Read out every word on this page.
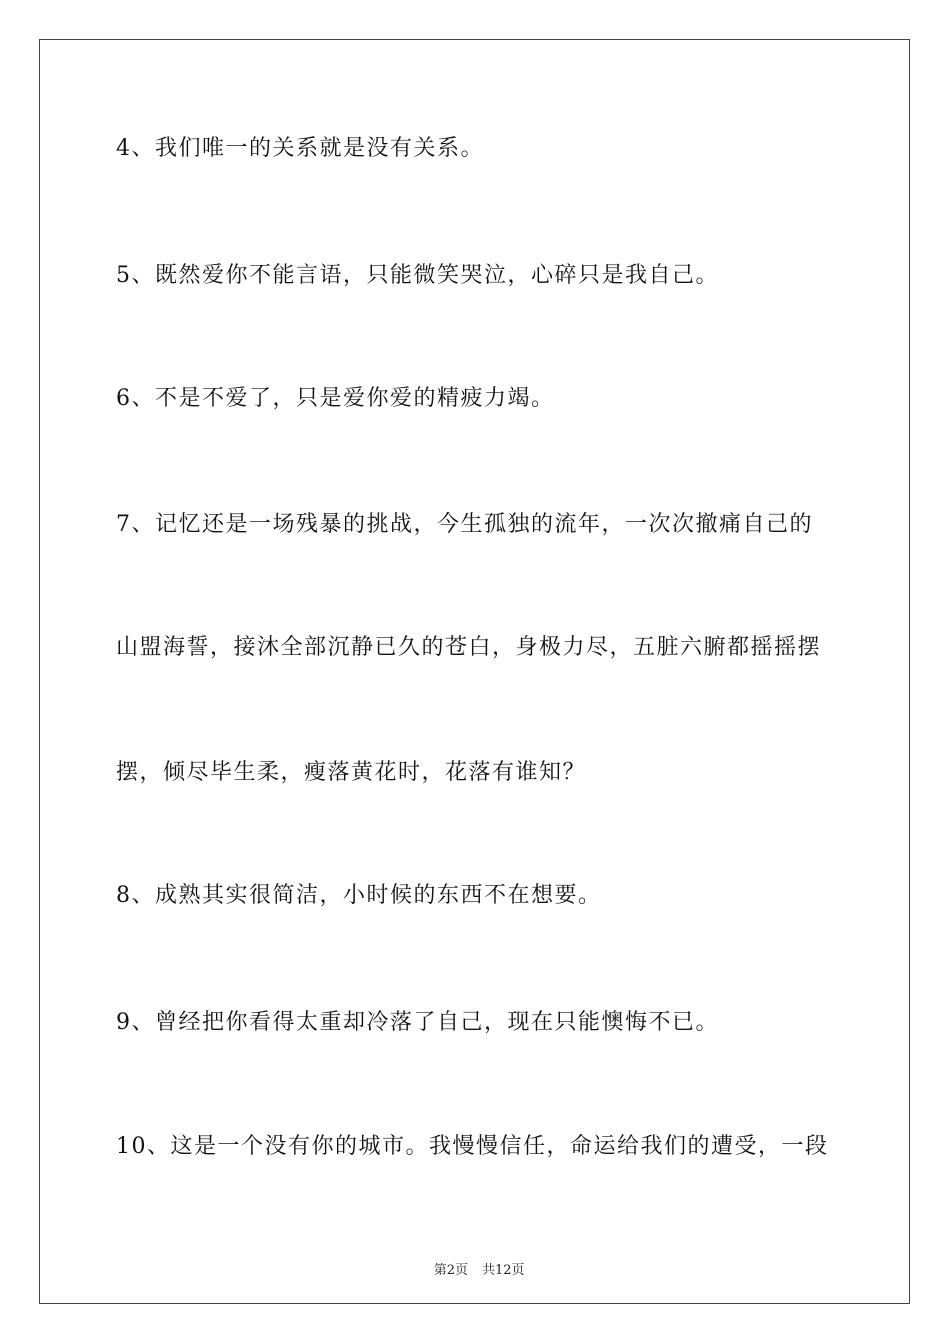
4、我们唯一的关系就是没有关系。
5、既然爱你不能言语，只能微笑哭泣，心碎只是我自己。
6、不是不爱了，只是爱你爱的精疲力竭。
7、记忆还是一场残暴的挑战，今生孤独的流年，一次次撤痛自己的
山盟海誓，接沐全部沉静已久的苍白，身极力尽，五脏六腑都摇摇摆
摆，倾尽毕生柔，瘦落黄花时，花落有谁知？
8、成熟其实很简洁，小时候的东西不在想要。
9、曾经把你看得太重却冷落了自己，现在只能懊悔不已。
10、这是一个没有你的城市。我慢慢信任，命运给我们的遭受，一段

第2页 共12页
